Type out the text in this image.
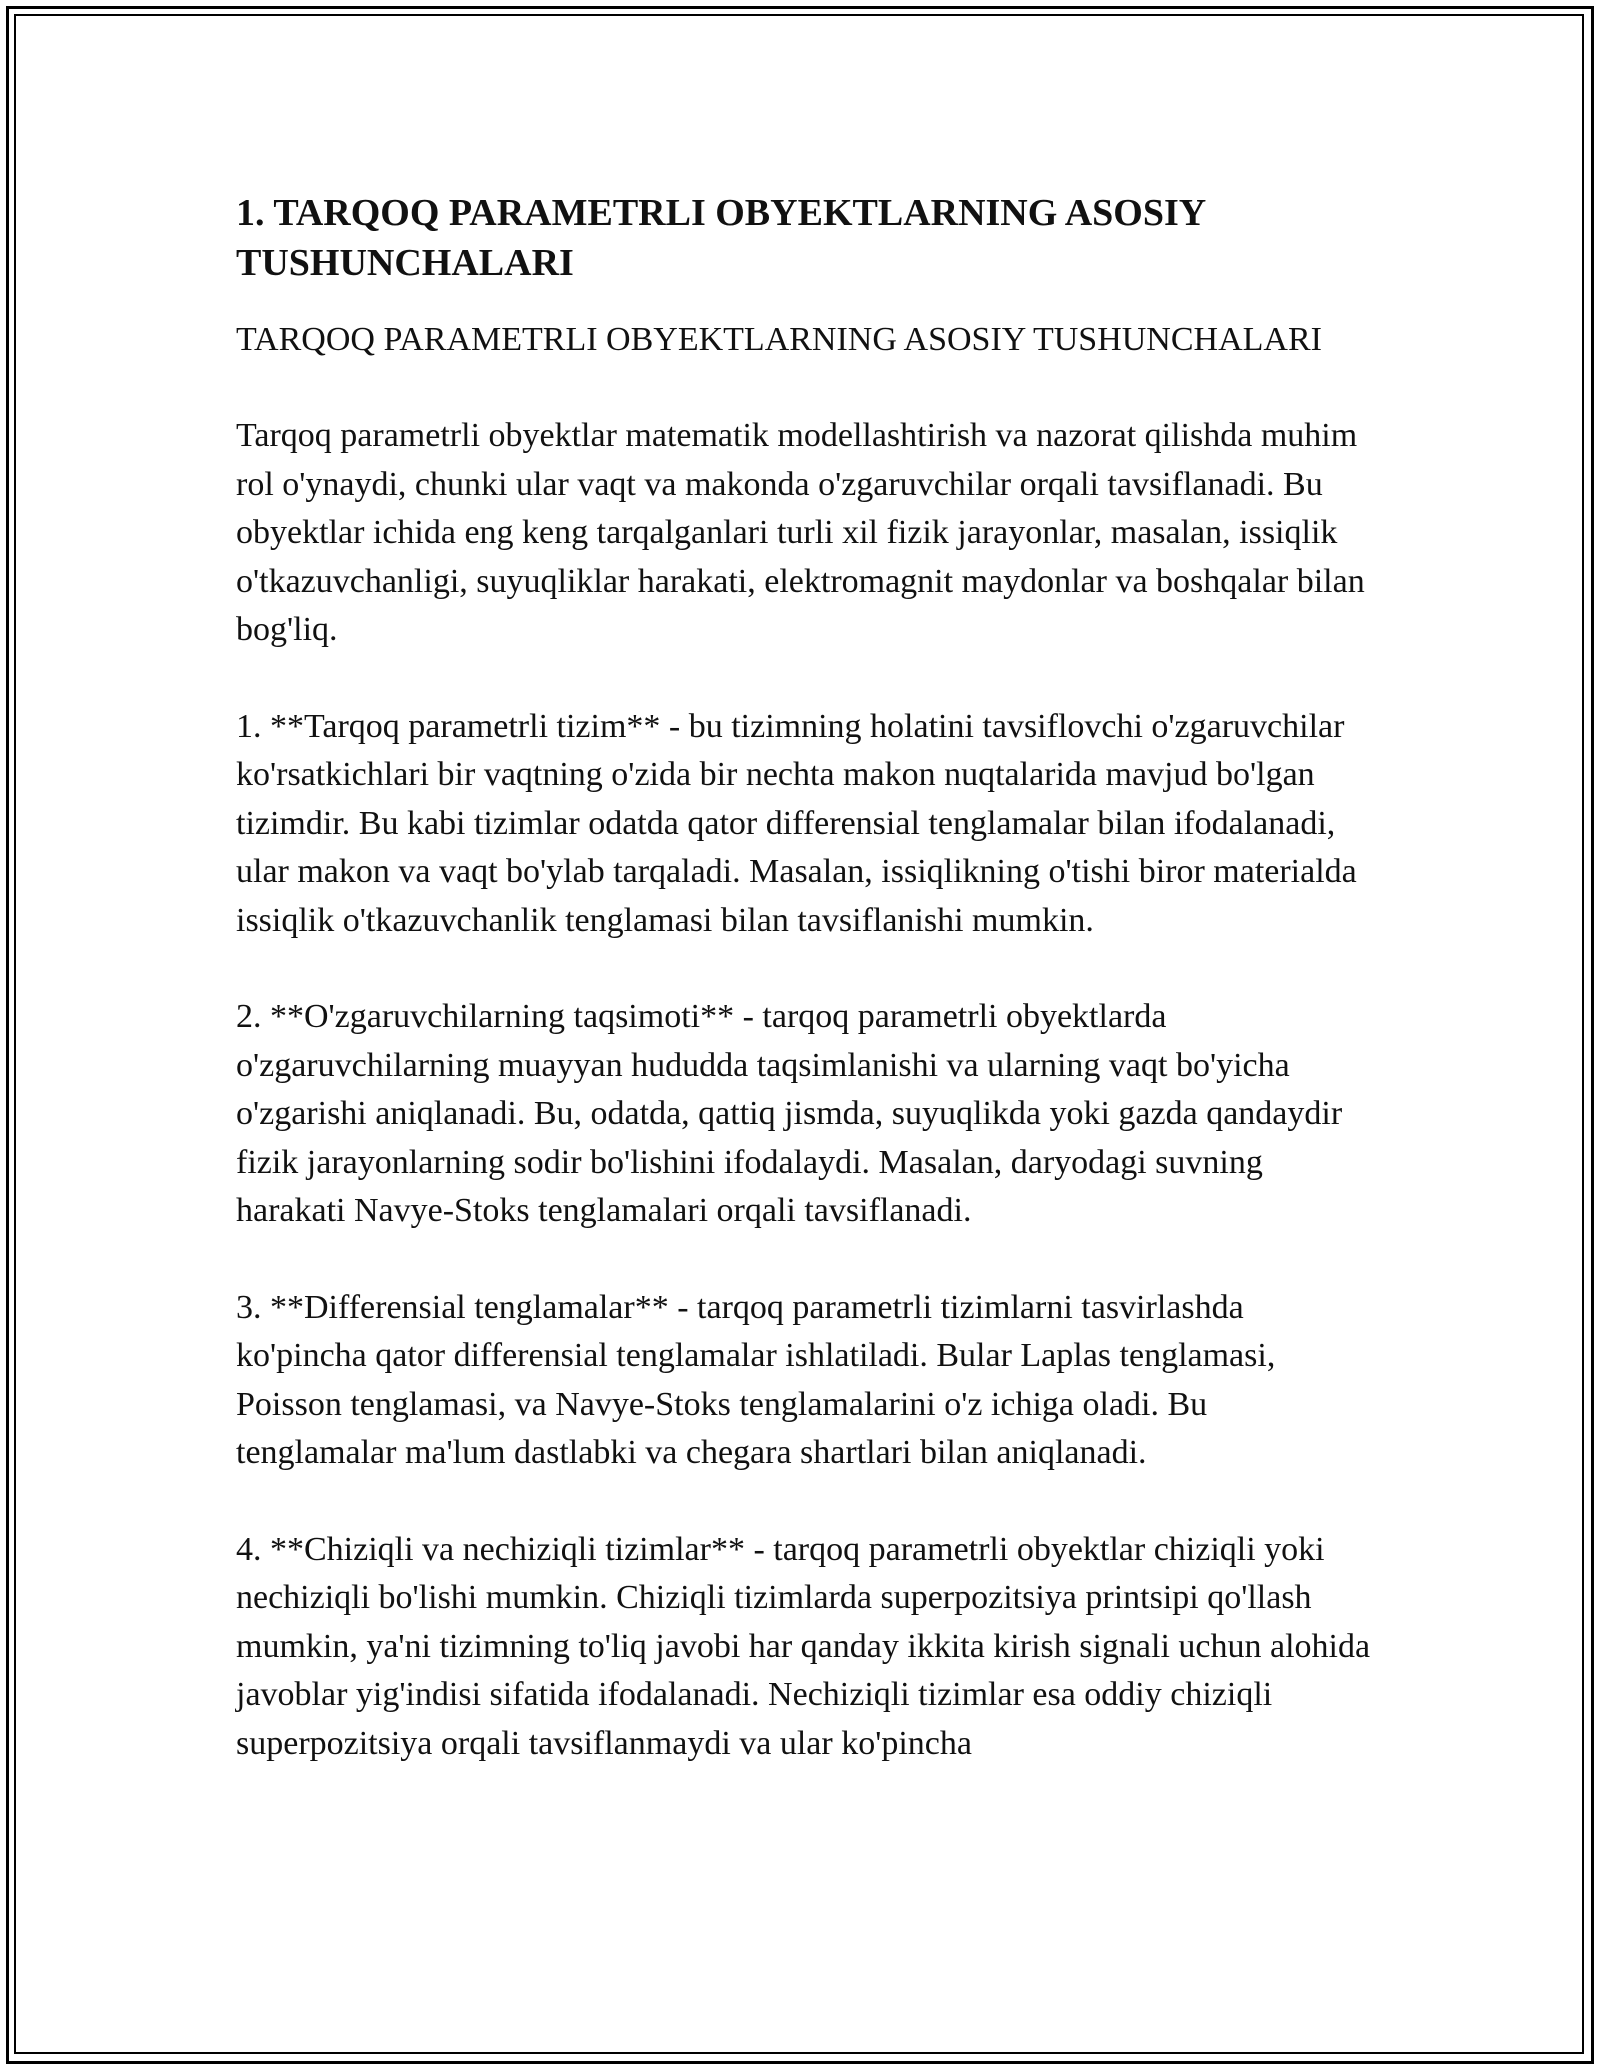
1. TARQOQ PARAMETRLI OBYEKTLARNING ASOSIY TUSHUNCHALARI

TARQOQ PARAMETRLI OBYEKTLARNING ASOSIY TUSHUNCHALARI

Tarqoq parametrli obyektlar matematik modellashtirish va nazorat qilishda muhim rol o'ynaydi, chunki ular vaqt va makonda o'zgaruvchilar orqali tavsiflanadi. Bu obyektlar ichida eng keng tarqalganlari turli xil fizik jarayonlar, masalan, issiqlik o'tkazuvchanligi, suyuqliklar harakati, elektromagnit maydonlar va boshqalar bilan bog'liq.

1. **Tarqoq parametrli tizim** - bu tizimning holatini tavsiflovchi o'zgaruvchilar ko'rsatkichlari bir vaqtning o'zida bir nechta makon nuqtalarida mavjud bo'lgan tizimdir. Bu kabi tizimlar odatda qator differensial tenglamalar bilan ifodalanadi, ular makon va vaqt bo'ylab tarqaladi. Masalan, issiqlikning o'tishi biror materialda issiqlik o'tkazuvchanlik tenglamasi bilan tavsiflanishi mumkin.

2. **O'zgaruvchilarning taqsimoti** - tarqoq parametrli obyektlarda o'zgaruvchilarning muayyan hududda taqsimlanishi va ularning vaqt bo'yicha o'zgarishi aniqlanadi. Bu, odatda, qattiq jismda, suyuqlikda yoki gazda qandaydir fizik jarayonlarning sodir bo'lishini ifodalaydi. Masalan, daryodagi suvning harakati Navye-Stoks tenglamalari orqali tavsiflanadi.

3. **Differensial tenglamalar** - tarqoq parametrli tizimlarni tasvirlashda ko'pincha qator differensial tenglamalar ishlatiladi. Bular Laplas tenglamasi, Poisson tenglamasi, va Navye-Stoks tenglamalarini o'z ichiga oladi. Bu tenglamalar ma'lum dastlabki va chegara shartlari bilan aniqlanadi.

4. **Chiziqli va nechiziqli tizimlar** - tarqoq parametrli obyektlar chiziqli yoki nechiziqli bo'lishi mumkin. Chiziqli tizimlarda superpozitsiya printsipi qo'llash mumkin, ya'ni tizimning to'liq javobi har qanday ikkita kirish signali uchun alohida javoblar yig'indisi sifatida ifodalanadi. Nechiziqli tizimlar esa oddiy chiziqli superpozitsiya orqali tavsiflanmaydi va ular ko'pincha
